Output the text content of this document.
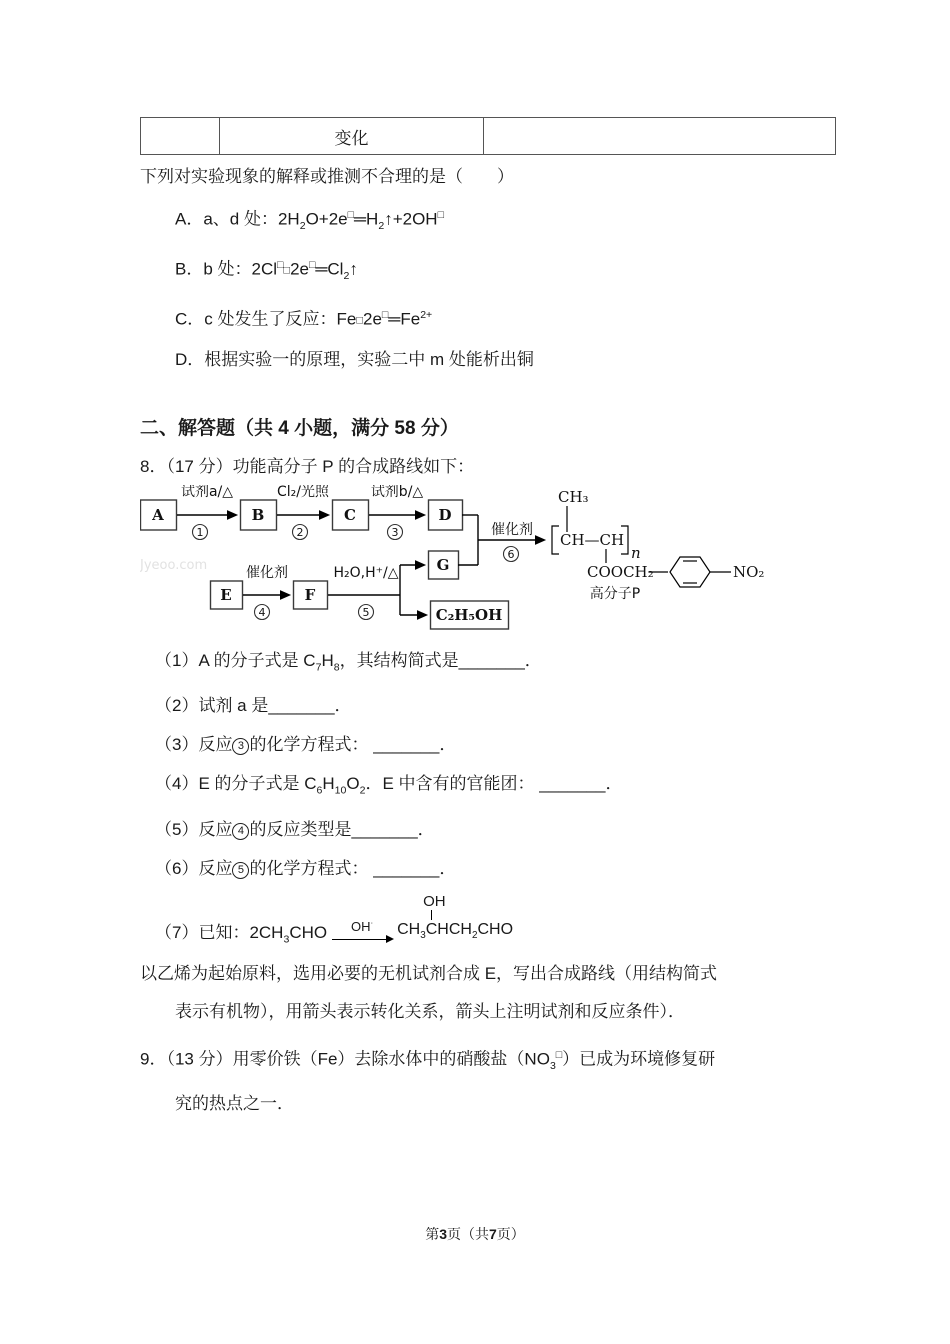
	变化	

下列对实验现象的解释或推测不合理的是（　　）

A．a、d 处：$2H_2O+2e^□═H_2↑+2OH^□$

B．b 处：$2Cl^□□2e^□═Cl_2↑$

C．c 处发生了反应：$Fe□2e^□═Fe^{2+}$

D．根据实验一的原理，实验二中 m 处能析出铜

二、解答题（共 4 小题，满分 58 分）

8．（17 分）功能高分子 P 的合成路线如下：

Jyeoo.com
A	B	C	D
G
E	F
C₂H₅OH
试剂a/△
1
Cl₂/光照
2
试剂b/△
3
催化剂
4
H₂O,H⁺/△
5
催化剂
6
CH₃
CH—CH
n
COOCH₂	NO₂
高分子P

（1）A 的分子式是 $C_7H_8$，其结构简式是_______．

（2）试剂 a 是_______．

（3）反应 3 的化学方程式： _______．

（4）E 的分子式是 $C_6H_{10}O_2$．E 中含有的官能团： _______．

（5）反应 4 的反应类型是_______．

（6）反应 5 的化学方程式： _______．

（7）已知：$2CH_3CHO$	OH·
OH
$CH_3CHCH_2CHO$

以乙烯为起始原料，选用必要的无机试剂合成 E，写出合成路线（用结构简式

表示有机物），用箭头表示转化关系，箭头上注明试剂和反应条件）．

9．（13 分）用零价铁（Fe）去除水体中的硝酸盐$(NO_3^□)$已成为环境修复研

究的热点之一．

第3页（共7页）
